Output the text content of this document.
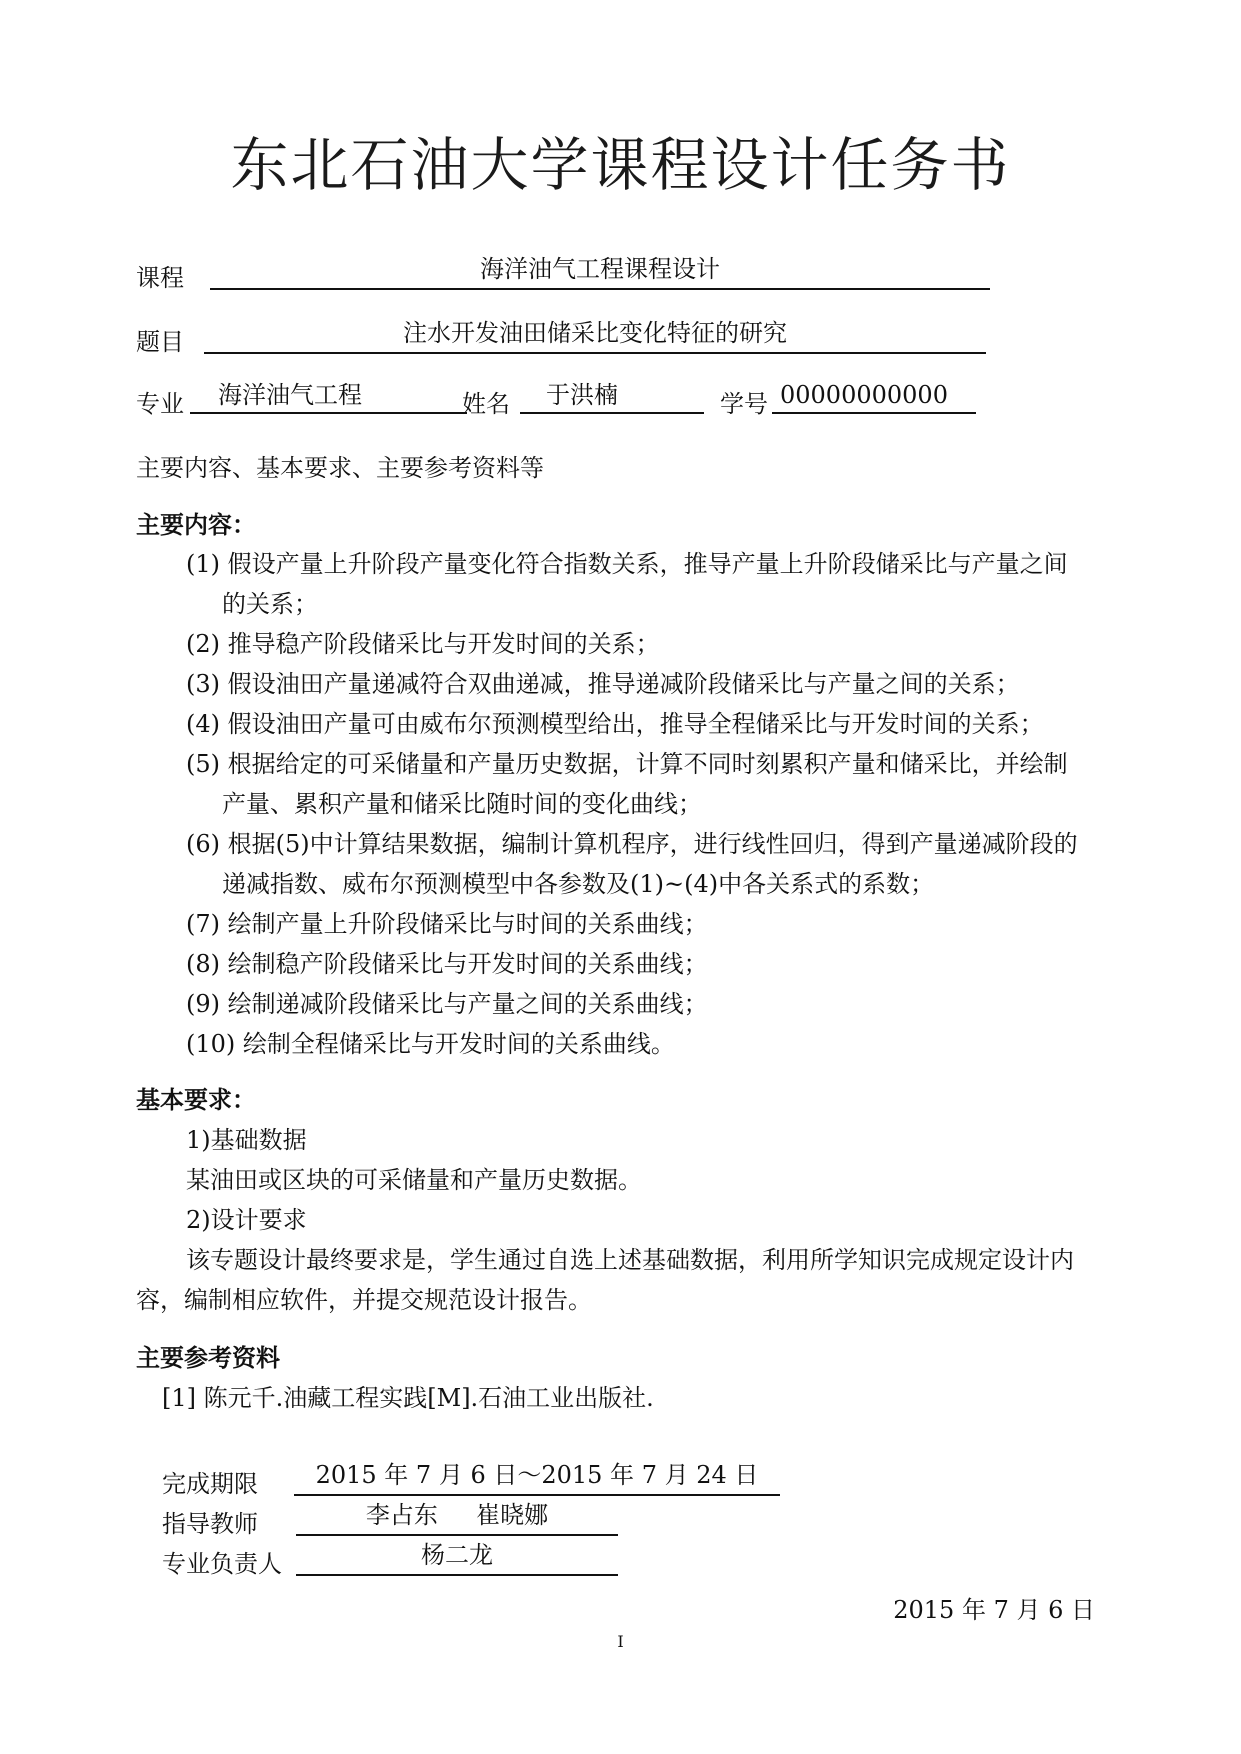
东北石油大学课程设计任务书
课程	海洋油气工程课程设计
题目	注水开发油田储采比变化特征的研究
专业	海洋油气工程	姓名	于洪楠	学号 00000000000
主要内容、基本要求、主要参考资料等
主要内容：
(1) 假设产量上升阶段产量变化符合指数关系，推导产量上升阶段储采比与产量之间
的关系；
(2) 推导稳产阶段储采比与开发时间的关系；
(3) 假设油田产量递减符合双曲递减，推导递减阶段储采比与产量之间的关系；
(4) 假设油田产量可由威布尔预测模型给出，推导全程储采比与开发时间的关系；
(5) 根据给定的可采储量和产量历史数据，计算不同时刻累积产量和储采比，并绘制
产量、累积产量和储采比随时间的变化曲线；
(6) 根据(5)中计算结果数据，编制计算机程序，进行线性回归，得到产量递减阶段的
递减指数、威布尔预测模型中各参数及(1)~(4)中各关系式的系数；
(7) 绘制产量上升阶段储采比与时间的关系曲线；
(8) 绘制稳产阶段储采比与开发时间的关系曲线；
(9) 绘制递减阶段储采比与产量之间的关系曲线；
(10) 绘制全程储采比与开发时间的关系曲线。
基本要求：
1)基础数据
某油田或区块的可采储量和产量历史数据。
2)设计要求
该专题设计最终要求是，学生通过自选上述基础数据，利用所学知识完成规定设计内
容，编制相应软件，并提交规范设计报告。
主要参考资料
[1] 陈元千.油藏工程实践[M].石油工业出版社.
完成期限	2015 年 7 月 6 日～2015 年 7 月 24 日
指导教师	李占东     崔晓娜
专业负责人	杨二龙
2015 年 7 月 6 日
I
